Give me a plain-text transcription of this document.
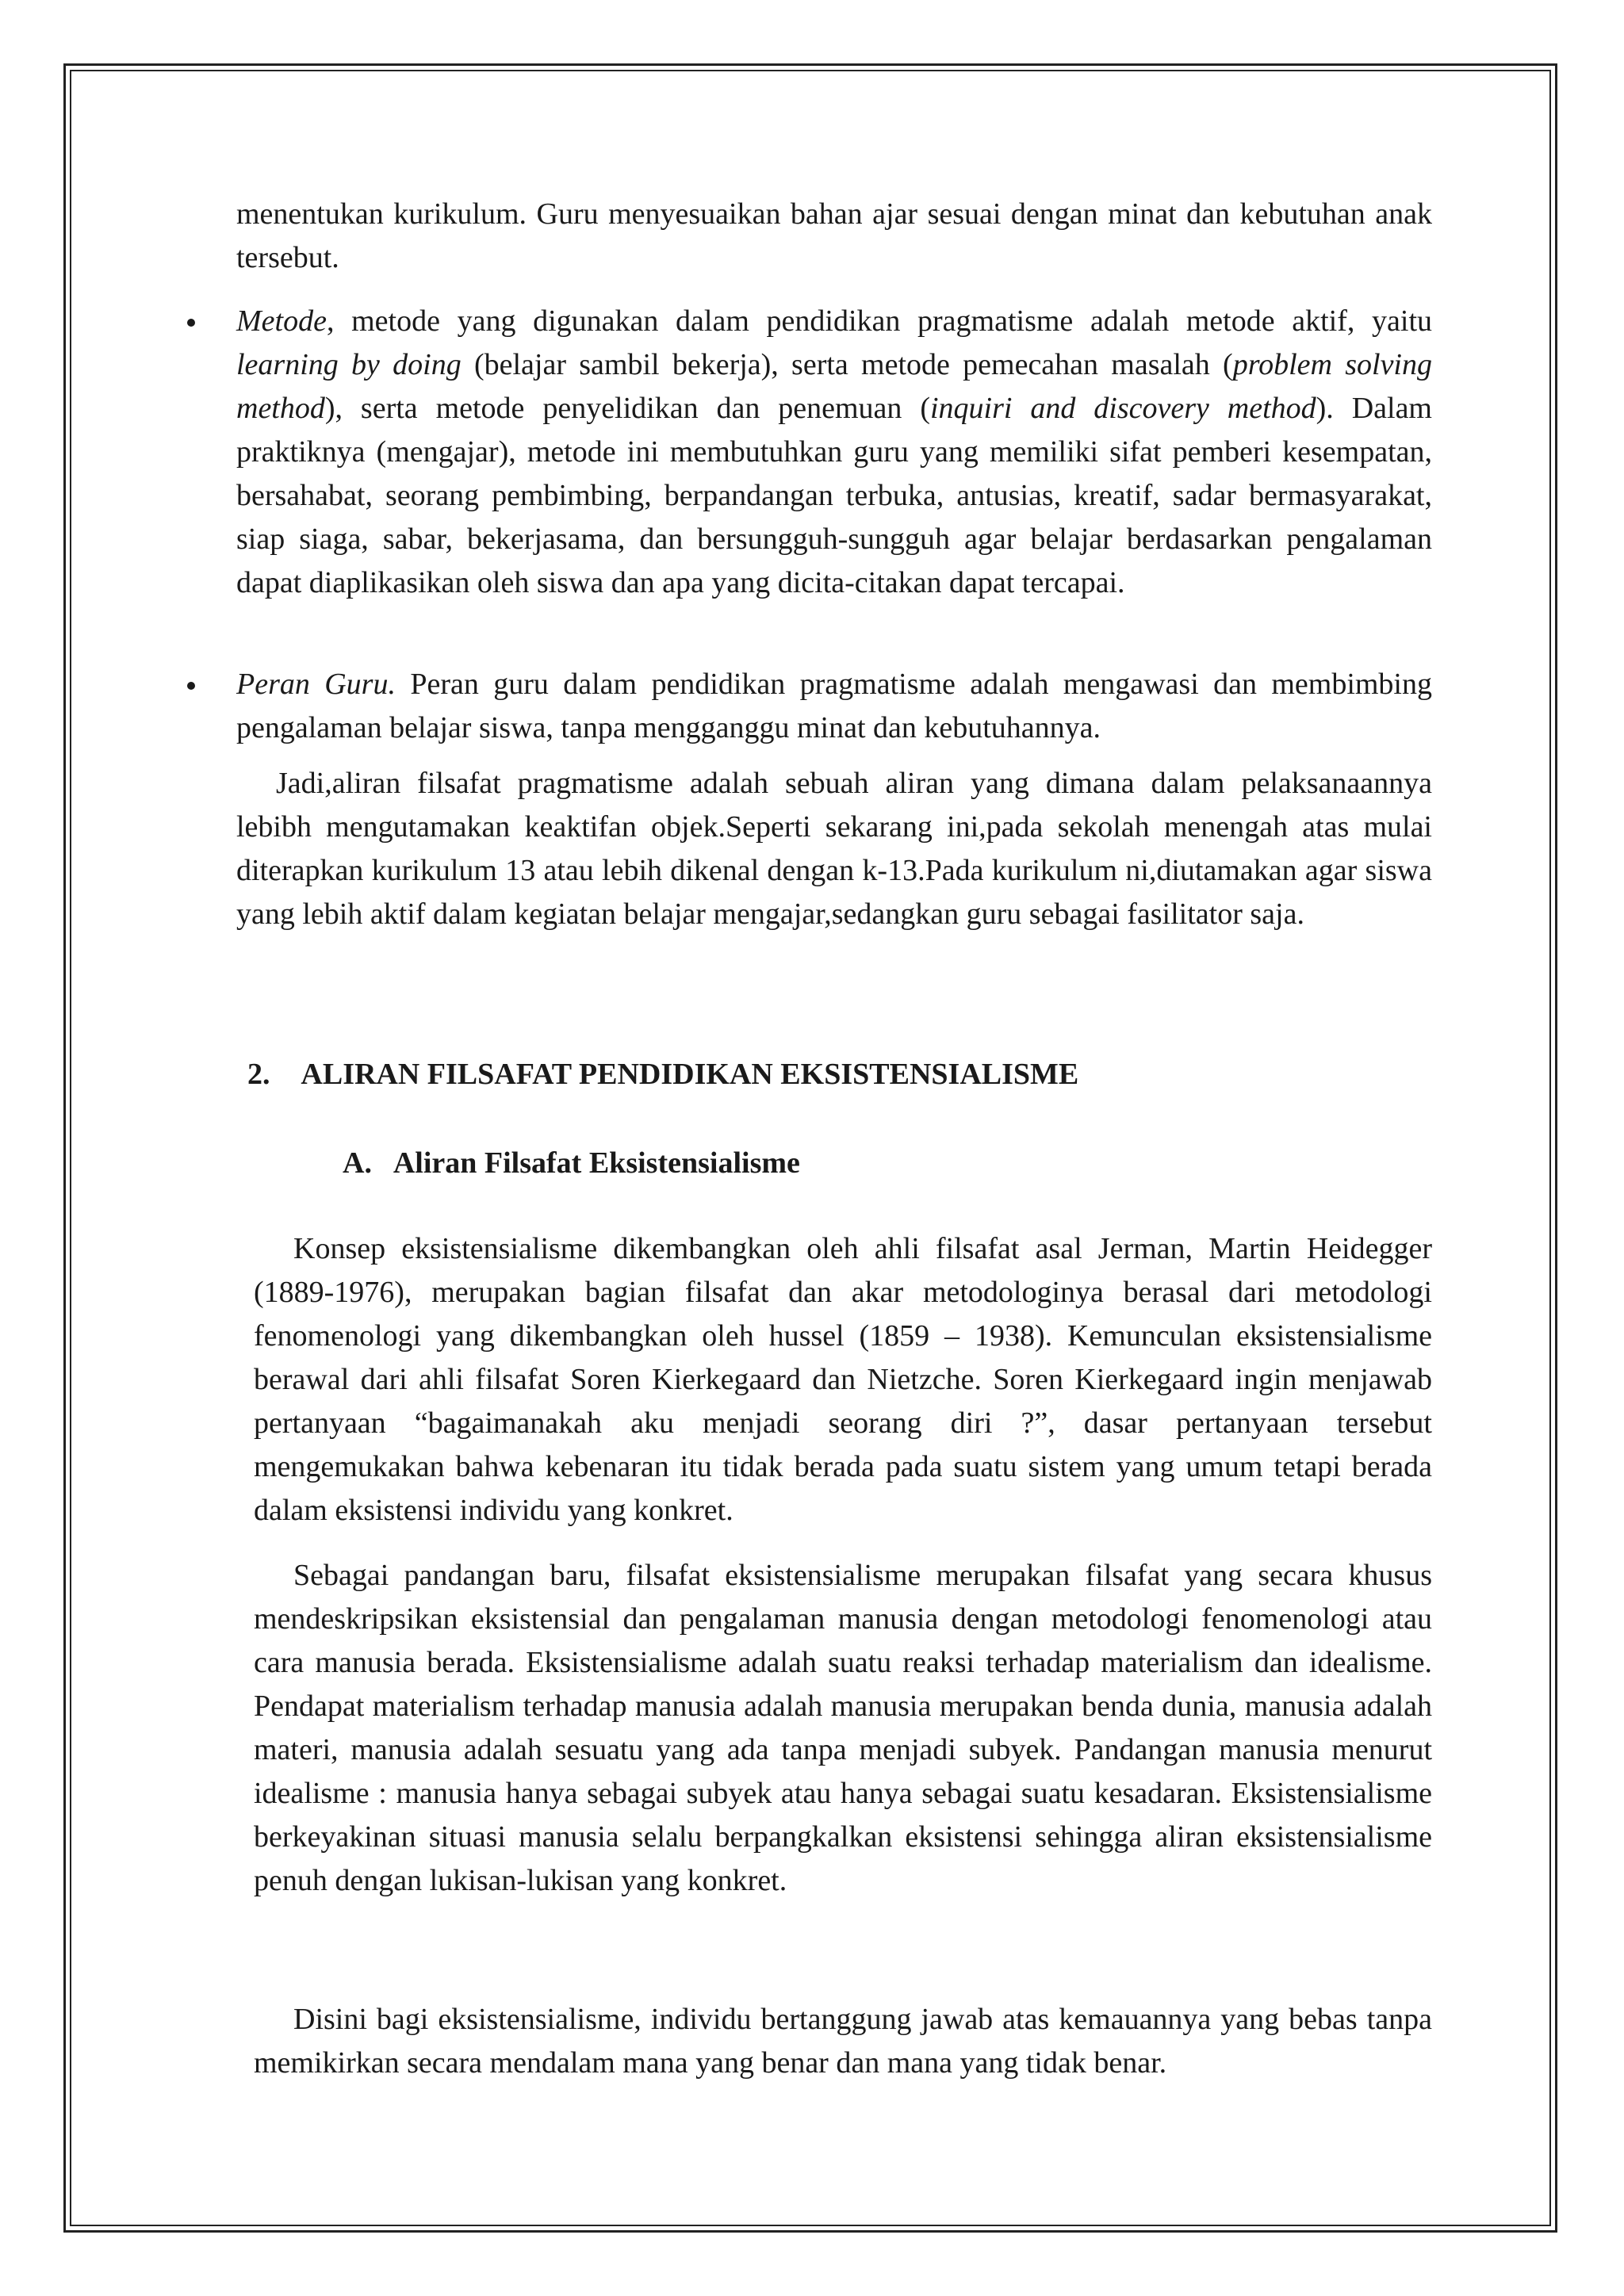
menentukan kurikulum. Guru menyesuaikan bahan ajar sesuai dengan minat dan kebutuhan anak tersebut.
Metode, metode yang digunakan dalam pendidikan pragmatisme adalah metode aktif, yaitu learning by doing (belajar sambil bekerja), serta metode pemecahan masalah (problem solving method), serta metode penyelidikan dan penemuan (inquiri and discovery method). Dalam praktiknya (mengajar), metode ini membutuhkan guru yang memiliki sifat pemberi kesempatan, bersahabat, seorang pembimbing, berpandangan terbuka, antusias, kreatif, sadar bermasyarakat, siap siaga, sabar, bekerjasama, dan bersungguh-sungguh agar belajar berdasarkan pengalaman dapat diaplikasikan oleh siswa dan apa yang dicita-citakan dapat tercapai.
Peran Guru. Peran guru dalam pendidikan pragmatisme adalah mengawasi dan membimbing pengalaman belajar siswa, tanpa mengganggu minat dan kebutuhannya.
Jadi,aliran filsafat pragmatisme adalah sebuah aliran yang dimana dalam pelaksanaannya lebibh mengutamakan keaktifan objek.Seperti sekarang ini,pada sekolah menengah atas mulai diterapkan kurikulum 13 atau lebih dikenal dengan k-13.Pada kurikulum ni,diutamakan agar siswa yang lebih aktif dalam kegiatan belajar mengajar,sedangkan guru sebagai fasilitator saja.
2. ALIRAN FILSAFAT PENDIDIKAN EKSISTENSIALISME
A. Aliran Filsafat Eksistensialisme
Konsep eksistensialisme dikembangkan oleh ahli filsafat asal Jerman, Martin Heidegger (1889-1976), merupakan bagian filsafat dan akar metodologinya berasal dari metodologi fenomenologi yang dikembangkan oleh hussel (1859 – 1938). Kemunculan eksistensialisme berawal dari ahli filsafat Soren Kierkegaard dan Nietzche. Soren Kierkegaard ingin menjawab pertanyaan “bagaimanakah aku menjadi seorang diri ?”, dasar pertanyaan tersebut mengemukakan bahwa kebenaran itu tidak berada pada suatu sistem yang umum tetapi berada dalam eksistensi individu yang konkret.
Sebagai pandangan baru, filsafat eksistensialisme merupakan filsafat yang secara khusus mendeskripsikan eksistensial dan pengalaman manusia dengan metodologi fenomenologi atau cara manusia berada. Eksistensialisme adalah suatu reaksi terhadap materialism dan idealisme. Pendapat materialism terhadap manusia adalah manusia merupakan benda dunia, manusia adalah materi, manusia adalah sesuatu yang ada tanpa menjadi subyek. Pandangan manusia menurut idealisme : manusia hanya sebagai subyek atau hanya sebagai suatu kesadaran. Eksistensialisme berkeyakinan situasi manusia selalu berpangkalkan eksistensi sehingga aliran eksistensialisme penuh dengan lukisan-lukisan yang konkret.
Disini bagi eksistensialisme, individu bertanggung jawab atas kemauannya yang bebas tanpa memikirkan secara mendalam mana yang benar dan mana yang tidak benar.
